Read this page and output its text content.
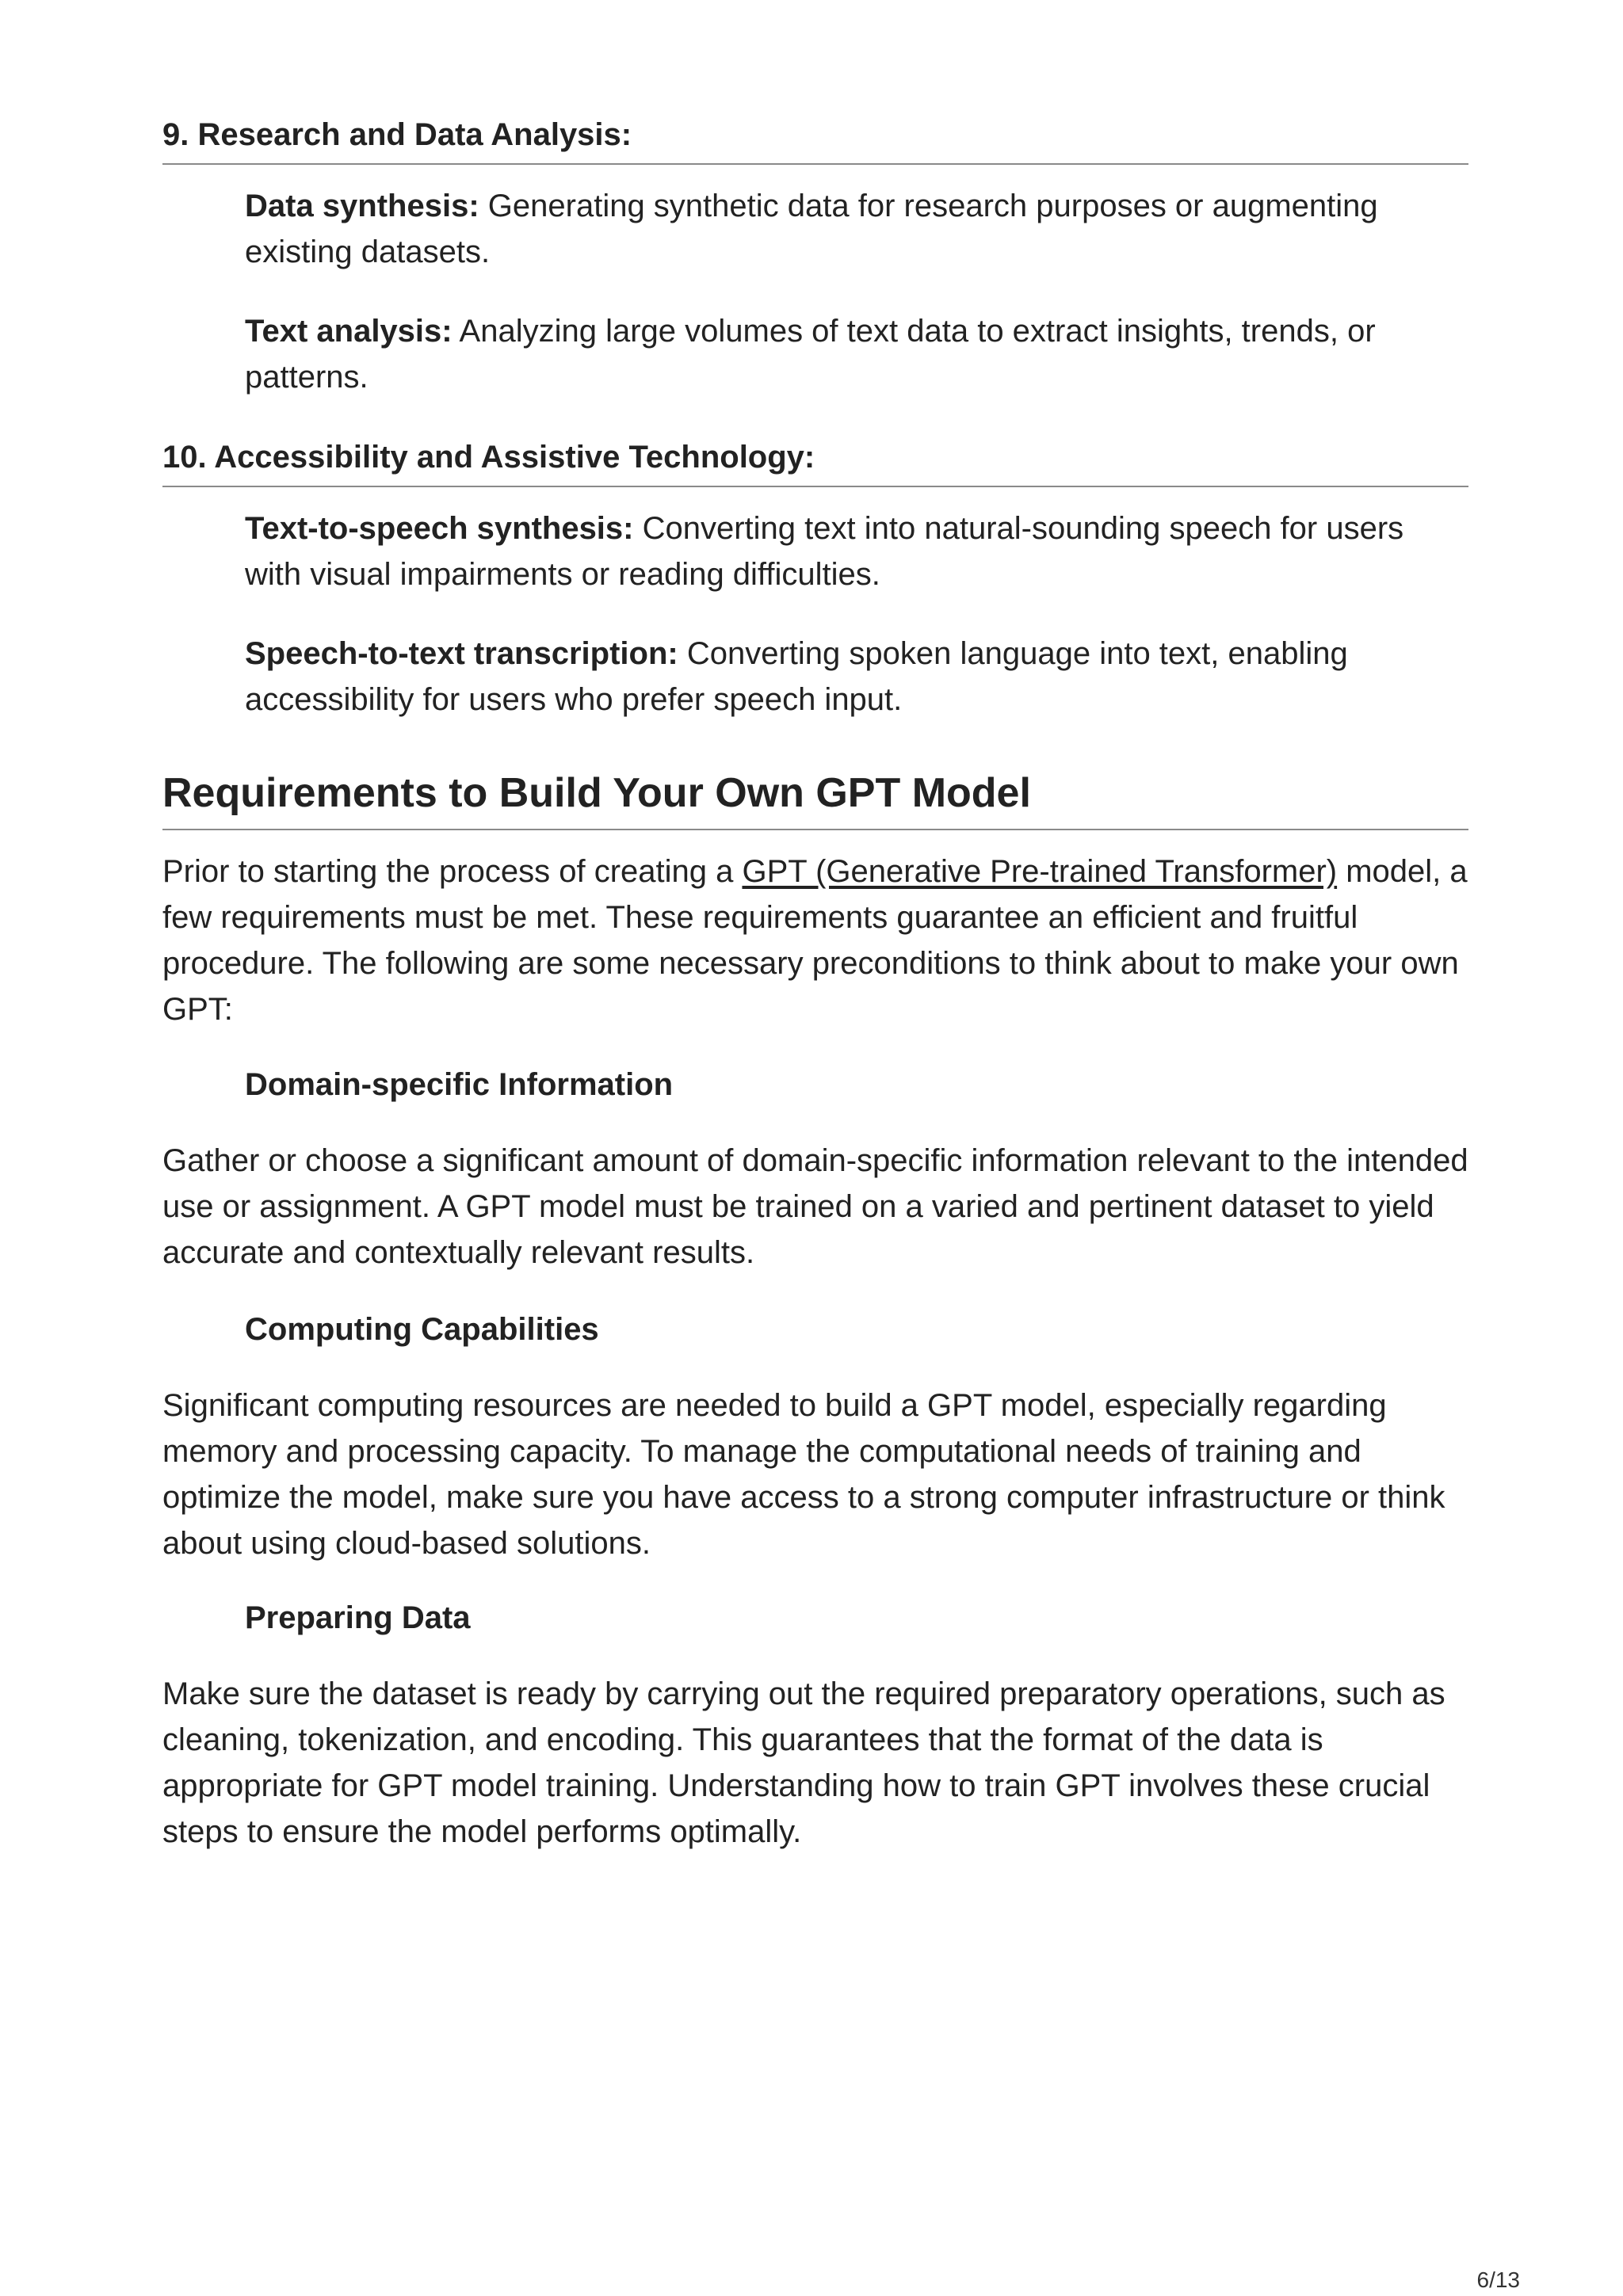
9. Research and Data Analysis:

Data synthesis: Generating synthetic data for research purposes or augmenting existing datasets.

Text analysis: Analyzing large volumes of text data to extract insights, trends, or patterns.

10. Accessibility and Assistive Technology:

Text-to-speech synthesis: Converting text into natural-sounding speech for users with visual impairments or reading difficulties.

Speech-to-text transcription: Converting spoken language into text, enabling accessibility for users who prefer speech input.

Requirements to Build Your Own GPT Model

Prior to starting the process of creating a GPT (Generative Pre-trained Transformer) model, a few requirements must be met. These requirements guarantee an efficient and fruitful procedure. The following are some necessary preconditions to think about to make your own GPT:

Domain-specific Information

Gather or choose a significant amount of domain-specific information relevant to the intended use or assignment. A GPT model must be trained on a varied and pertinent dataset to yield accurate and contextually relevant results.

Computing Capabilities

Significant computing resources are needed to build a GPT model, especially regarding memory and processing capacity. To manage the computational needs of training and optimize the model, make sure you have access to a strong computer infrastructure or think about using cloud-based solutions.

Preparing Data

Make sure the dataset is ready by carrying out the required preparatory operations, such as cleaning, tokenization, and encoding. This guarantees that the format of the data is appropriate for GPT model training. Understanding how to train GPT involves these crucial steps to ensure the model performs optimally.

6/13
